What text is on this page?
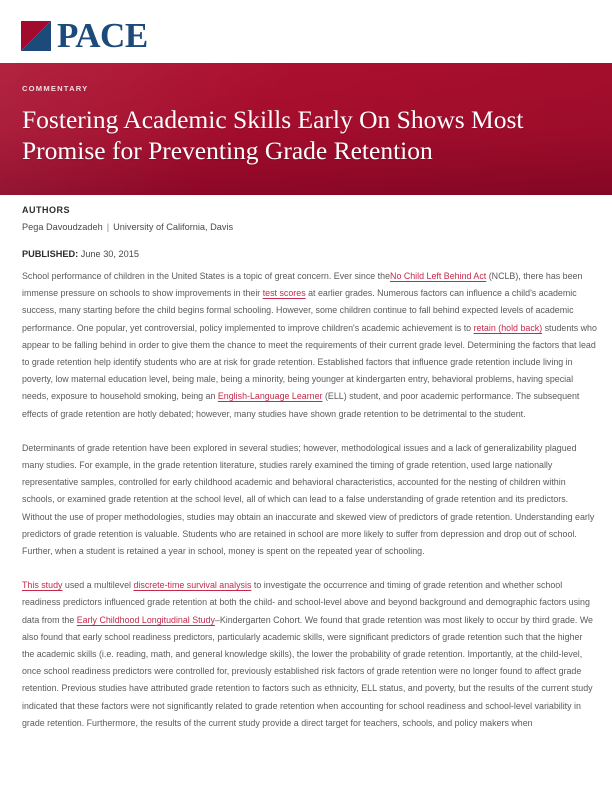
PACE
COMMENTARY
Fostering Academic Skills Early On Shows Most Promise for Preventing Grade Retention
AUTHORS
Pega Davoudzadeh | University of California, Davis
PUBLISHED: June 30, 2015

School performance of children in the United States is a topic of great concern. Ever since theNo Child Left Behind Act (NCLB), there has been immense pressure on schools to show improvements in their test scores at earlier grades. Numerous factors can influence a child's academic success, many starting before the child begins formal schooling. However, some children continue to fall behind expected levels of academic performance. One popular, yet controversial, policy implemented to improve children's academic achievement is to retain (hold back) students who appear to be falling behind in order to give them the chance to meet the requirements of their current grade level. Determining the factors that lead to grade retention help identify students who are at risk for grade retention. Established factors that influence grade retention include living in poverty, low maternal education level, being male, being a minority, being younger at kindergarten entry, behavioral problems, having special needs, exposure to household smoking, being an English-Language Learner (ELL) student, and poor academic performance. The subsequent effects of grade retention are hotly debated; however, many studies have shown grade retention to be detrimental to the student.

Determinants of grade retention have been explored in several studies; however, methodological issues and a lack of generalizability plagued many studies. For example, in the grade retention literature, studies rarely examined the timing of grade retention, used large nationally representative samples, controlled for early childhood academic and behavioral characteristics, accounted for the nesting of children within schools, or examined grade retention at the school level, all of which can lead to a false understanding of grade retention and its predictors. Without the use of proper methodologies, studies may obtain an inaccurate and skewed view of predictors of grade retention. Understanding early predictors of grade retention is valuable. Students who are retained in school are more likely to suffer from depression and drop out of school. Further, when a student is retained a year in school, money is spent on the repeated year of schooling.

This study used a multilevel discrete-time survival analysis to investigate the occurrence and timing of grade retention and whether school readiness predictors influenced grade retention at both the child- and school-level above and beyond background and demographic factors using data from the Early Childhood Longitudinal Study–Kindergarten Cohort. We found that grade retention was most likely to occur by third grade. We also found that early school readiness predictors, particularly academic skills, were significant predictors of grade retention such that the higher the academic skills (i.e. reading, math, and general knowledge skills), the lower the probability of grade retention. Importantly, at the child-level, once school readiness predictors were controlled for, previously established risk factors of grade retention were no longer found to affect grade retention. Previous studies have attributed grade retention to factors such as ethnicity, ELL status, and poverty, but the results of the current study indicated that these factors were not significantly related to grade retention when accounting for school readiness and school-level variability in grade retention. Furthermore, the results of the current study provide a direct target for teachers, schools, and policy makers when
